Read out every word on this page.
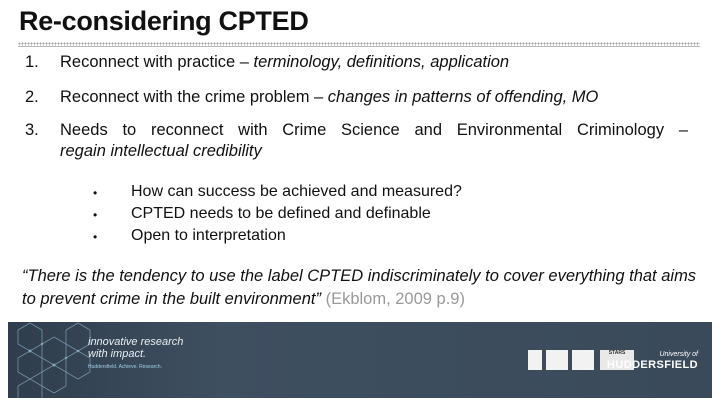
Re-considering CPTED
1.	Reconnect with practice – terminology, definitions, application
2.	Reconnect with the crime problem – changes in patterns of offending, MO
3.	Needs to reconnect with Crime Science and Environmental Criminology –
regain intellectual credibility
• How can success be achieved and measured?
• CPTED needs to be defined and definable
• Open to interpretation
“There is the tendency to use the label CPTED indiscriminately to cover everything that aims to prevent crime in the built environment” (Ekblom, 2009 p.9)
innovative research
with impact.
Huddersfield. Achieve. Research.
STARS	University of
HUDDERSFIELD
